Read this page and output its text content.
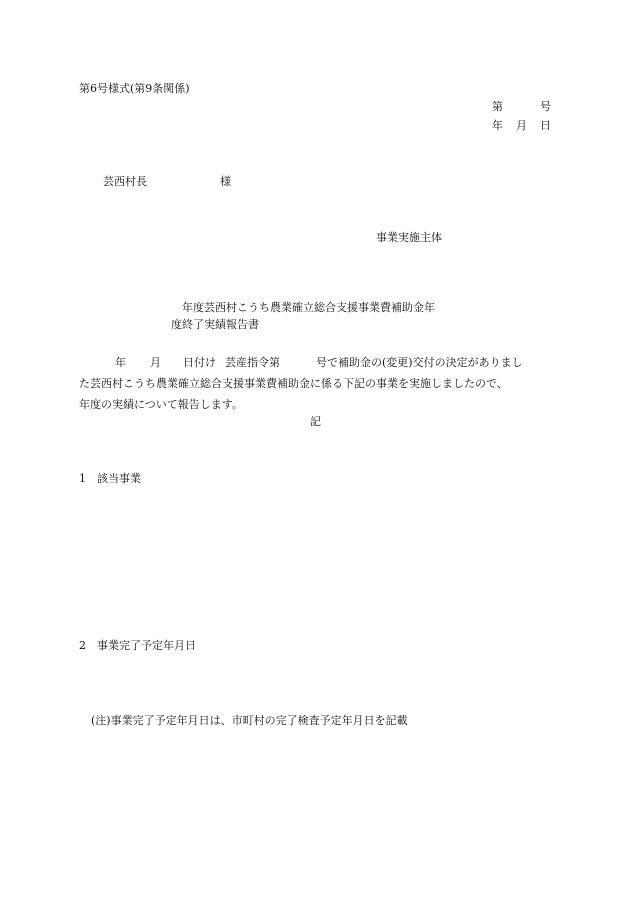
第6号様式(第9条関係)
第	号
年 月 日
芸西村長	様
事業実施主体
年度芸西村こうち農業確立総合支援事業費補助金年
度終了実績報告書
年 月 日付け 芸産指令第	号で補助金の(変更)交付の決定がありまし
た芸西村こうち農業確立総合支援事業費補助金に係る下記の事業を実施しましたので、
年度の実績について報告します。
記
1　該当事業
2　事業完了予定年月日
(注)事業完了予定年月日は、市町村の完了検査予定年月日を記載
